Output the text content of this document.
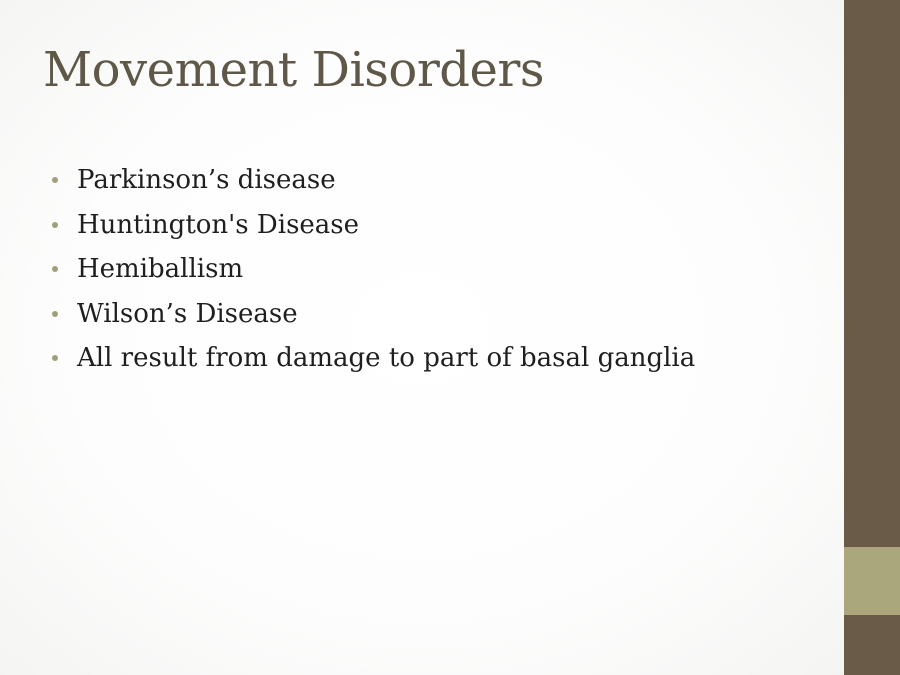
Movement Disorders
Parkinson’s disease
Huntington's Disease
Hemiballism
Wilson’s Disease
All result from damage to part of basal ganglia
